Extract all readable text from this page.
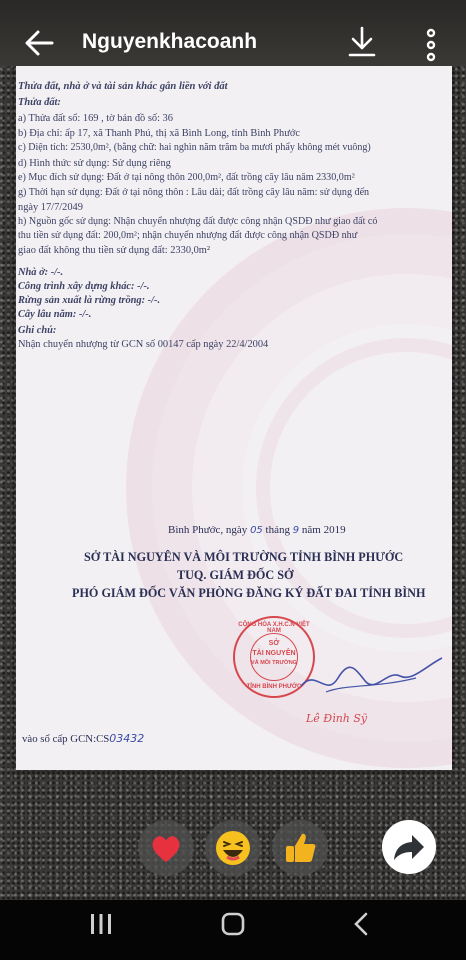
Nguyenkhacoanh
Thửa đất, nhà ở và tài sản khác gắn liền với đất
Thửa đất:
a) Thửa đất số: 169 , tờ bản đồ số: 36
b) Địa chỉ: ấp 17, xã Thanh Phú, thị xã Bình Long, tỉnh Bình Phước
c) Diện tích: 2530,0m², (bằng chữ: hai nghìn năm trăm ba mươi phẩy không mét vuông)
d) Hình thức sử dụng: Sử dụng riêng
e) Mục đích sử dụng: Đất ở tại nông thôn 200,0m², đất trồng cây lâu năm 2330,0m²
g) Thời hạn sử dụng: Đất ở tại nông thôn : Lâu dài; đất trồng cây lâu năm: sử dụng đến
ngày 17/7/2049
h) Nguồn gốc sử dụng: Nhận chuyển nhượng đất được công nhận QSDĐ như giao đất có
thu tiền sử dụng đất: 200,0m²; nhận chuyển nhượng đất được công nhận QSDĐ như
giao đất không thu tiền sử dụng đất: 2330,0m²
Nhà ở: -/-.
Công trình xây dựng khác: -/-.
Rừng sản xuất là rừng trồng: -/-.
Cây lâu năm: -/-.
Ghi chú:
Nhận chuyển nhượng từ GCN số 00147 cấp ngày 22/4/2004
Bình Phước, ngày 05 tháng 9 năm 2019
SỞ TÀI NGUYÊN VÀ MÔI TRƯỜNG TỈNH BÌNH PHƯỚC
TUQ. GIÁM ĐỐC SỞ
PHÓ GIÁM ĐỐC VĂN PHÒNG ĐĂNG KÝ ĐẤT ĐAI TỈNH BÌNH
CỘNG HÒA X.H.C.N VIỆT NAM
SỞ
TÀI NGUYÊN
VÀ MÔI TRƯỜNG
TỈNH BÌNH PHƯỚC
Lê Đình Sỹ
vào sổ cấp GCN:CS03432
